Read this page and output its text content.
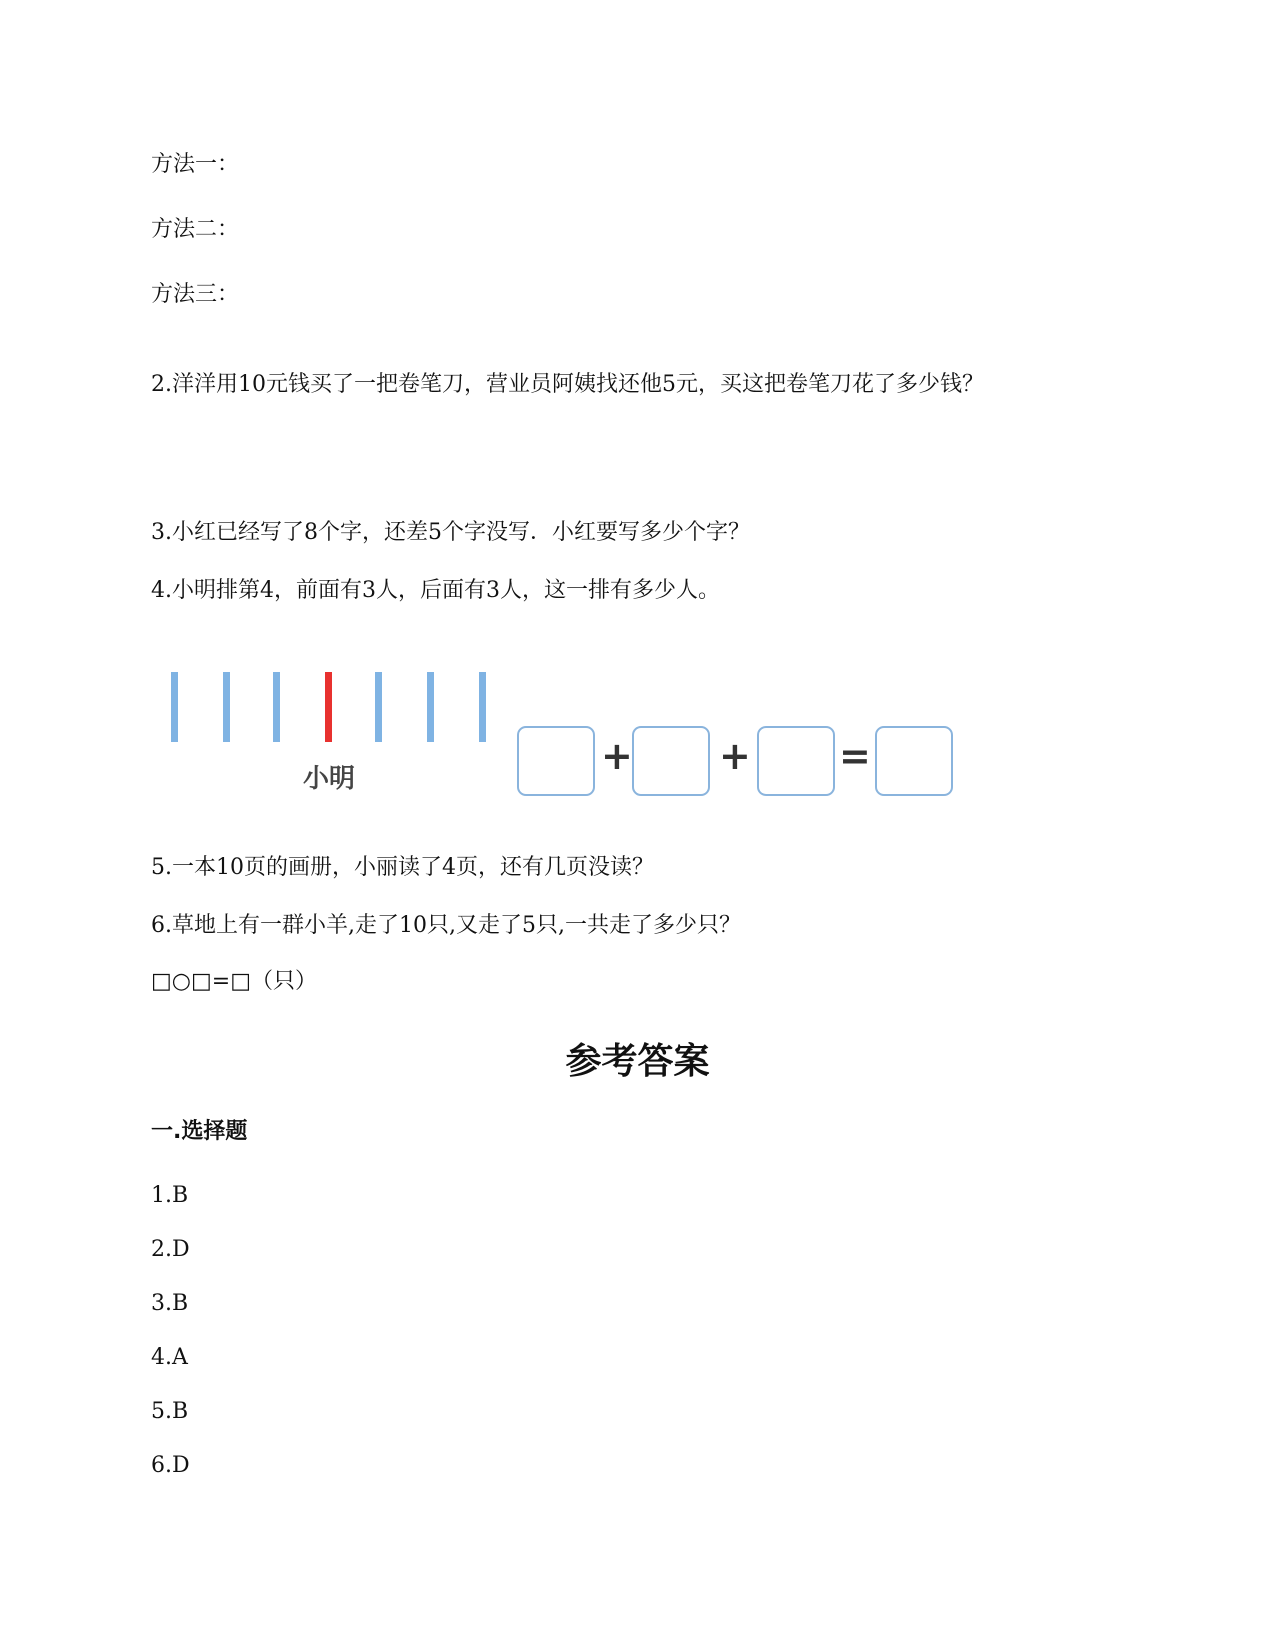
方法一：
方法二：
方法三：
2.洋洋用10元钱买了一把卷笔刀，营业员阿姨找还他5元，买这把卷笔刀花了多少钱？
3.小红已经写了8个字，还差5个字没写．小红要写多少个字？
4.小明排第4，前面有3人，后面有3人，这一排有多少人。
小明
+ + =
5.一本10页的画册，小丽读了4页，还有几页没读？
6.草地上有一群小羊,走了10只,又走了5只,一共走了多少只？
□○□=□（只）
参考答案
一.选择题
1.B
2.D
3.B
4.A
5.B
6.D
